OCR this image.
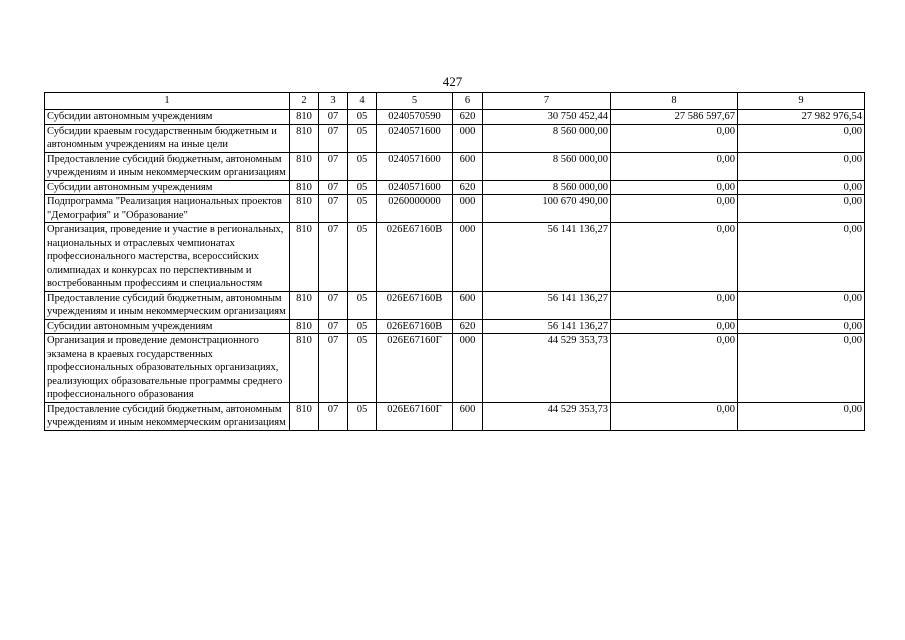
427
1	2	3	4	5	6	7	8	9
Субсидии автономным учреждениям	810	07	05	0240570590	620	30 750 452,44	27 586 597,67	27 982 976,54
Субсидии краевым государственным бюджетным и автономным учреждениям на иные цели	810	07	05	0240571600	000	8 560 000,00	0,00	0,00
Предоставление субсидий бюджетным, автономным учреждениям и иным некоммерческим организациям	810	07	05	0240571600	600	8 560 000,00	0,00	0,00
Субсидии автономным учреждениям	810	07	05	0240571600	620	8 560 000,00	0,00	0,00
Подпрограмма "Реализация национальных проектов "Демография" и "Образование"	810	07	05	0260000000	000	100 670 490,00	0,00	0,00
Организация, проведение и участие в региональных, национальных и отраслевых чемпионатах профессионального мастерства, всероссийских олимпиадах и конкурсах по перспективным и востребованным профессиям и специальностям	810	07	05	026E67160В	000	56 141 136,27	0,00	0,00
Предоставление субсидий бюджетным, автономным учреждениям и иным некоммерческим организациям	810	07	05	026E67160В	600	56 141 136,27	0,00	0,00
Субсидии автономным учреждениям	810	07	05	026E67160В	620	56 141 136,27	0,00	0,00
Организация и проведение демонстрационного экзамена в краевых государственных профессиональных образовательных организациях, реализующих образовательные программы среднего профессионального образования	810	07	05	026E67160Г	000	44 529 353,73	0,00	0,00
Предоставление субсидий бюджетным, автономным учреждениям и иным некоммерческим организациям	810	07	05	026E67160Г	600	44 529 353,73	0,00	0,00
